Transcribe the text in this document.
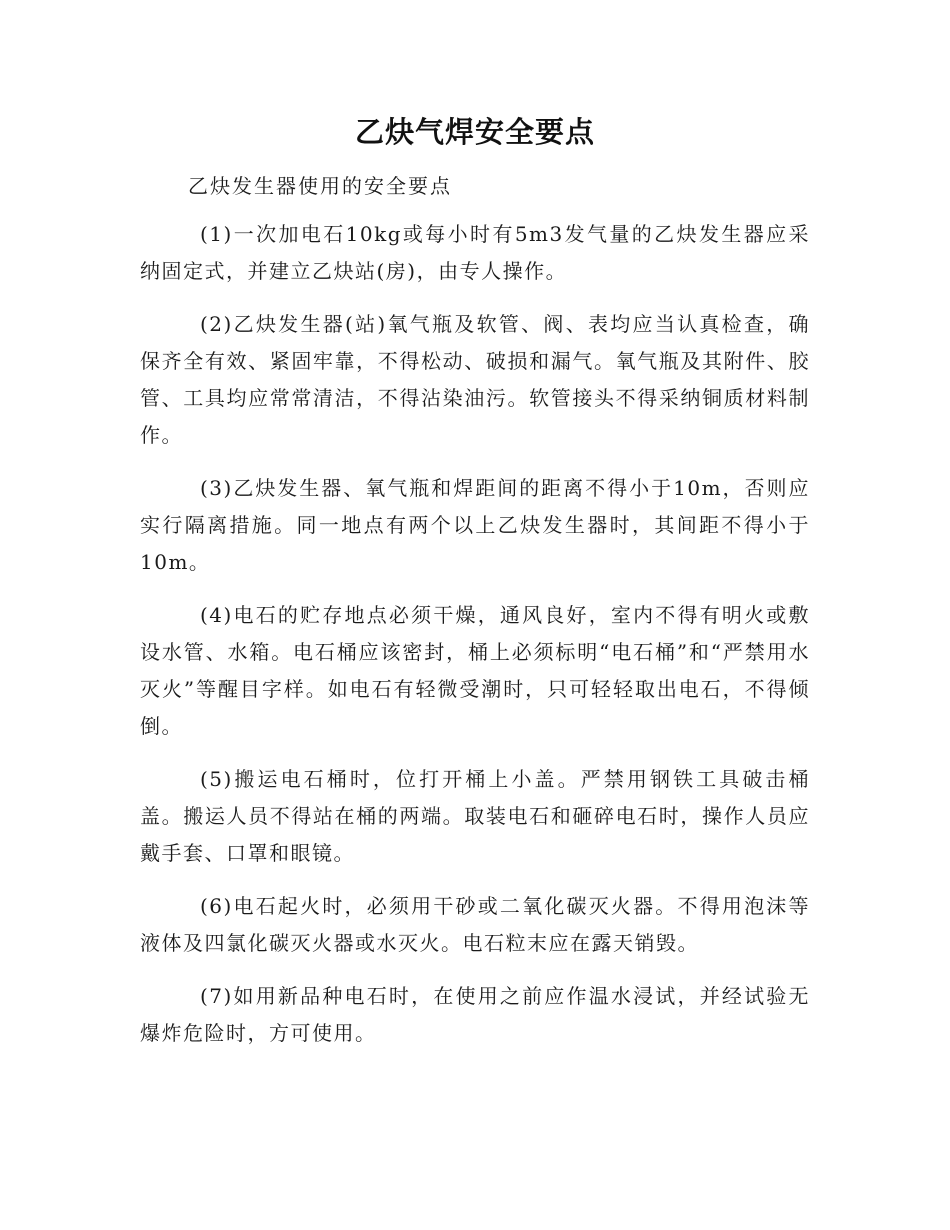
乙炔气焊安全要点
乙炔发生器使用的安全要点

(1)一次加电石10kg或每小时有5m3发气量的乙炔发生器应采纳固定式，并建立乙炔站(房)，由专人操作。

(2)乙炔发生器(站)氧气瓶及软管、阀、表均应当认真检查，确保齐全有效、紧固牢靠，不得松动、破损和漏气。氧气瓶及其附件、胶管、工具均应常常清洁，不得沾染油污。软管接头不得采纳铜质材料制作。

(3)乙炔发生器、氧气瓶和焊距间的距离不得小于10m，否则应实行隔离措施。同一地点有两个以上乙炔发生器时，其间距不得小于10m。

(4)电石的贮存地点必须干燥，通风良好，室内不得有明火或敷设水管、水箱。电石桶应该密封，桶上必须标明“电石桶”和“严禁用水灭火”等醒目字样。如电石有轻微受潮时，只可轻轻取出电石，不得倾倒。

(5)搬运电石桶时，位打开桶上小盖。严禁用钢铁工具破击桶盖。搬运人员不得站在桶的两端。取装电石和砸碎电石时，操作人员应戴手套、口罩和眼镜。

(6)电石起火时，必须用干砂或二氧化碳灭火器。不得用泡沫等液体及四氯化碳灭火器或水灭火。电石粒末应在露天销毁。

(7)如用新品种电石时，在使用之前应作温水浸试，并经试验无爆炸危险时，方可使用。
